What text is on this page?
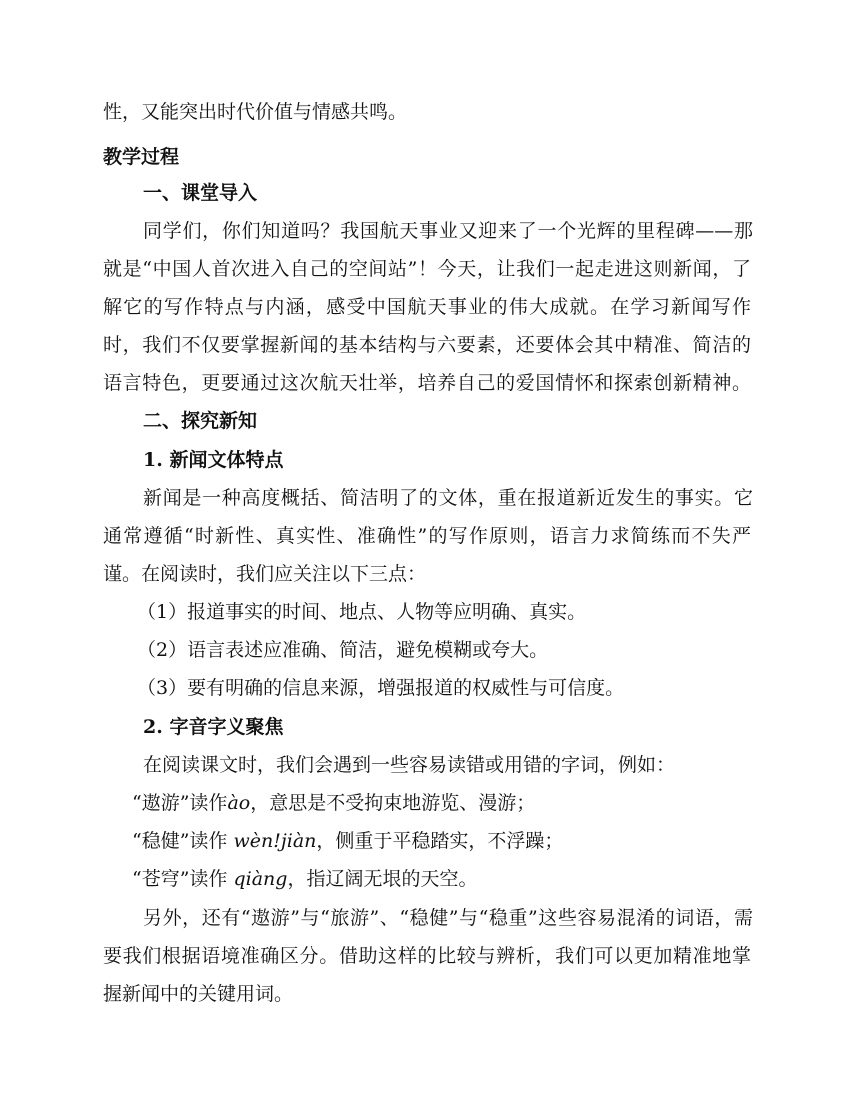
性，又能突出时代价值与情感共鸣。

教学过程

一、课堂导入

同学们，你们知道吗？我国航天事业又迎来了一个光辉的里程碑——那

就是“中国人首次进入自己的空间站”！今天，让我们一起走进这则新闻，了

解它的写作特点与内涵，感受中国航天事业的伟大成就。在学习新闻写作

时，我们不仅要掌握新闻的基本结构与六要素，还要体会其中精准、简洁的

语言特色，更要通过这次航天壮举，培养自己的爱国情怀和探索创新精神。

二、探究新知

1. 新闻文体特点

新闻是一种高度概括、简洁明了的文体，重在报道新近发生的事实。它

通常遵循“时新性、真实性、准确性”的写作原则，语言力求简练而不失严

谨。在阅读时，我们应关注以下三点：

（1）报道事实的时间、地点、人物等应明确、真实。

（2）语言表述应准确、简洁，避免模糊或夸大。

（3）要有明确的信息来源，增强报道的权威性与可信度。

2. 字音字义聚焦

在阅读课文时，我们会遇到一些容易读错或用错的字词，例如：

“遨游”读作ào，意思是不受拘束地游览、漫游；

“稳健”读作 wèn!jiàn，侧重于平稳踏实，不浮躁；

“苍穹”读作 qiàng，指辽阔无垠的天空。

另外，还有“遨游”与“旅游”、“稳健”与“稳重”这些容易混淆的词语，需

要我们根据语境准确区分。借助这样的比较与辨析，我们可以更加精准地掌

握新闻中的关键用词。
